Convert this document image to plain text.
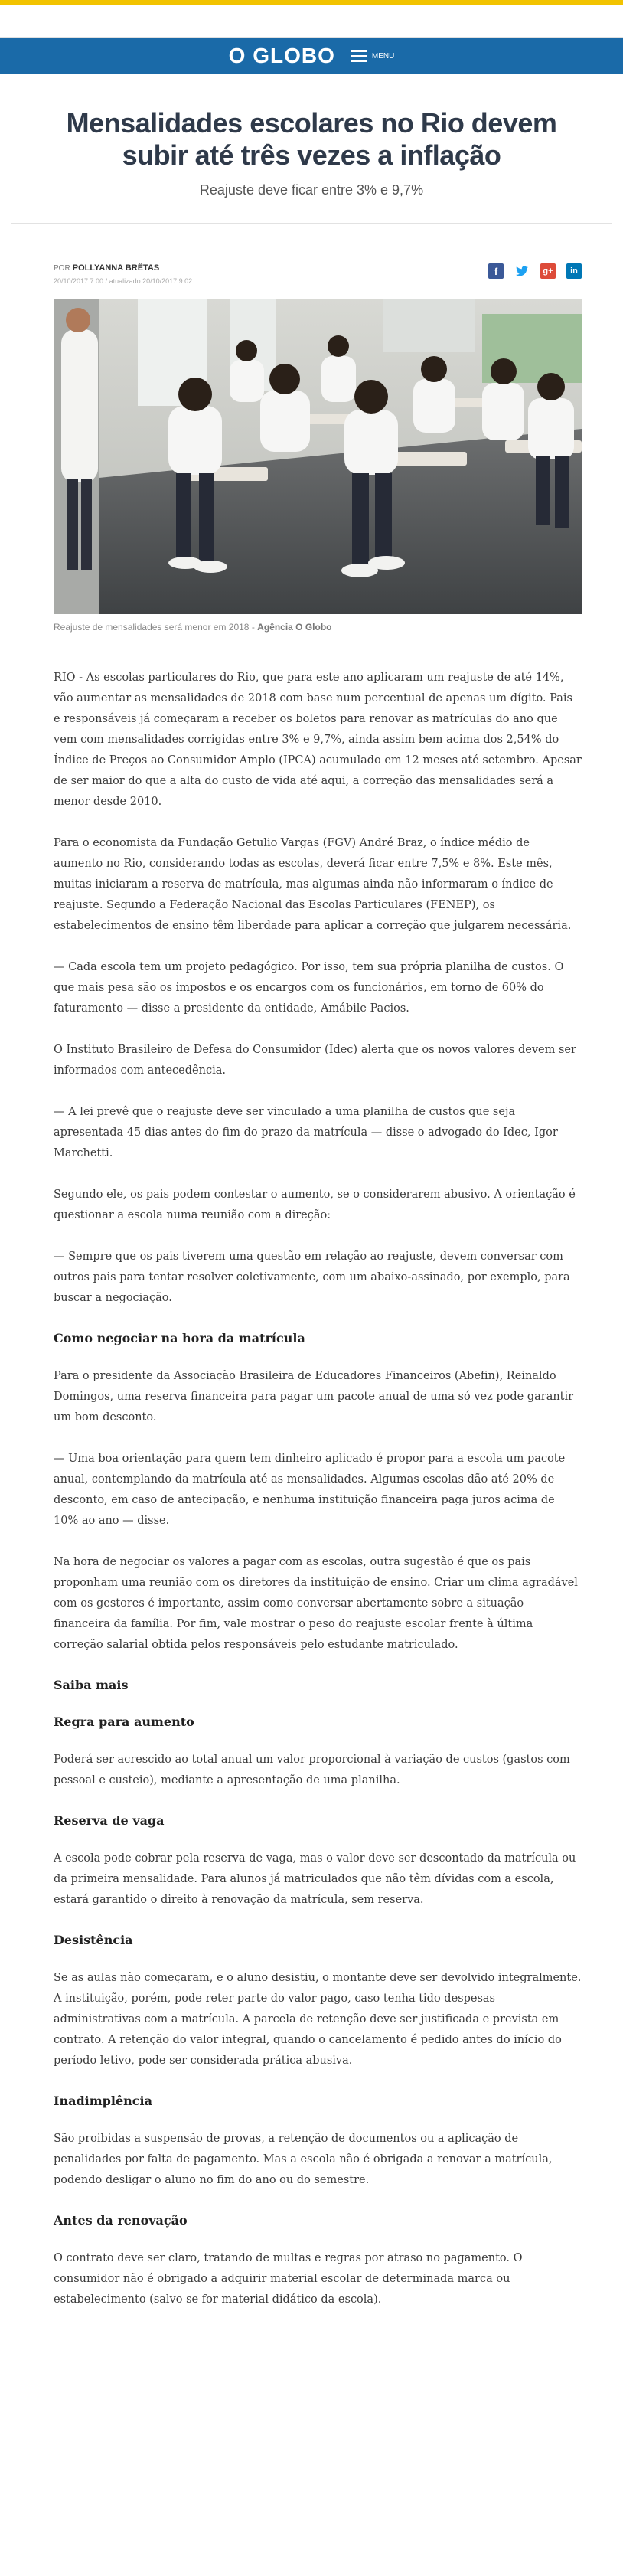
O GLOBO	MENU
Mensalidades escolares no Rio devem subir até três vezes a inflação
Reajuste deve ficar entre 3% e 9,7%
POR POLLYANNA BRÊTAS
20/10/2017 7:00 / atualizado 20/10/2017 9:02
f	g+	in
Reajuste de mensalidades será menor em 2018 - Agência O Globo

RIO - As escolas particulares do Rio, que para este ano aplicaram um reajuste de até 14%, vão aumentar as mensalidades de 2018 com base num percentual de apenas um dígito. Pais e responsáveis já começaram a receber os boletos para renovar as matrículas do ano que vem com mensalidades corrigidas entre 3% e 9,7%, ainda assim bem acima dos 2,54% do Índice de Preços ao Consumidor Amplo (IPCA) acumulado em 12 meses até setembro. Apesar de ser maior do que a alta do custo de vida até aqui, a correção das mensalidades será a menor desde 2010.

Para o economista da Fundação Getulio Vargas (FGV) André Braz, o índice médio de aumento no Rio, considerando todas as escolas, deverá ficar entre 7,5% e 8%. Este mês, muitas iniciaram a reserva de matrícula, mas algumas ainda não informaram o índice de reajuste. Segundo a Federação Nacional das Escolas Particulares (FENEP), os estabelecimentos de ensino têm liberdade para aplicar a correção que julgarem necessária.

— Cada escola tem um projeto pedagógico. Por isso, tem sua própria planilha de custos. O que mais pesa são os impostos e os encargos com os funcionários, em torno de 60% do faturamento — disse a presidente da entidade, Amábile Pacios.

O Instituto Brasileiro de Defesa do Consumidor (Idec) alerta que os novos valores devem ser informados com antecedência.

— A lei prevê que o reajuste deve ser vinculado a uma planilha de custos que seja apresentada 45 dias antes do fim do prazo da matrícula — disse o advogado do Idec, Igor Marchetti.

Segundo ele, os pais podem contestar o aumento, se o considerarem abusivo. A orientação é questionar a escola numa reunião com a direção:

— Sempre que os pais tiverem uma questão em relação ao reajuste, devem conversar com outros pais para tentar resolver coletivamente, com um abaixo-assinado, por exemplo, para buscar a negociação.

Como negociar na hora da matrícula

Para o presidente da Associação Brasileira de Educadores Financeiros (Abefin), Reinaldo Domingos, uma reserva financeira para pagar um pacote anual de uma só vez pode garantir um bom desconto.

— Uma boa orientação para quem tem dinheiro aplicado é propor para a escola um pacote anual, contemplando da matrícula até as mensalidades. Algumas escolas dão até 20% de desconto, em caso de antecipação, e nenhuma instituição financeira paga juros acima de 10% ao ano — disse.

Na hora de negociar os valores a pagar com as escolas, outra sugestão é que os pais proponham uma reunião com os diretores da instituição de ensino. Criar um clima agradável com os gestores é importante, assim como conversar abertamente sobre a situação financeira da família. Por fim, vale mostrar o peso do reajuste escolar frente à última correção salarial obtida pelos responsáveis pelo estudante matriculado.

Saiba mais
Regra para aumento

Poderá ser acrescido ao total anual um valor proporcional à variação de custos (gastos com pessoal e custeio), mediante a apresentação de uma planilha.

Reserva de vaga

A escola pode cobrar pela reserva de vaga, mas o valor deve ser descontado da matrícula ou da primeira mensalidade. Para alunos já matriculados que não têm dívidas com a escola, estará garantido o direito à renovação da matrícula, sem reserva.

Desistência

Se as aulas não começaram, e o aluno desistiu, o montante deve ser devolvido integralmente. A instituição, porém, pode reter parte do valor pago, caso tenha tido despesas administrativas com a matrícula. A parcela de retenção deve ser justificada e prevista em contrato. A retenção do valor integral, quando o cancelamento é pedido antes do início do período letivo, pode ser considerada prática abusiva.

Inadimplência

São proibidas a suspensão de provas, a retenção de documentos ou a aplicação de penalidades por falta de pagamento. Mas a escola não é obrigada a renovar a matrícula, podendo desligar o aluno no fim do ano ou do semestre.

Antes da renovação

O contrato deve ser claro, tratando de multas e regras por atraso no pagamento. O consumidor não é obrigado a adquirir material escolar de determinada marca ou estabelecimento (salvo se for material didático da escola).
